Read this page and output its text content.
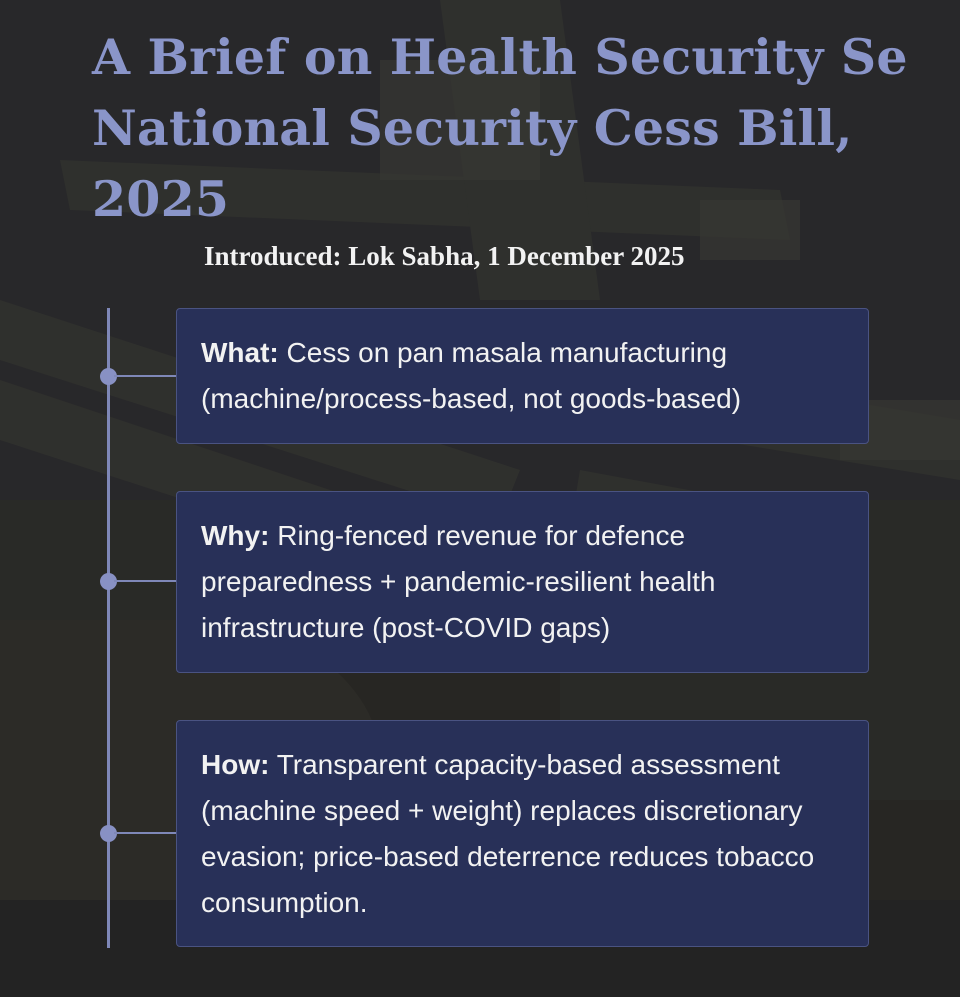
A Brief on Health Security Se National Security Cess Bill, 2025

Introduced: Lok Sabha, 1 December 2025

What: Cess on pan masala manufacturing (machine/process-based, not goods-based)

Why: Ring-fenced revenue for defence preparedness + pandemic-resilient health infrastructure (post-COVID gaps)

How: Transparent capacity-based assessment (machine speed + weight) replaces discretionary evasion; price-based deterrence reduces tobacco consumption.
